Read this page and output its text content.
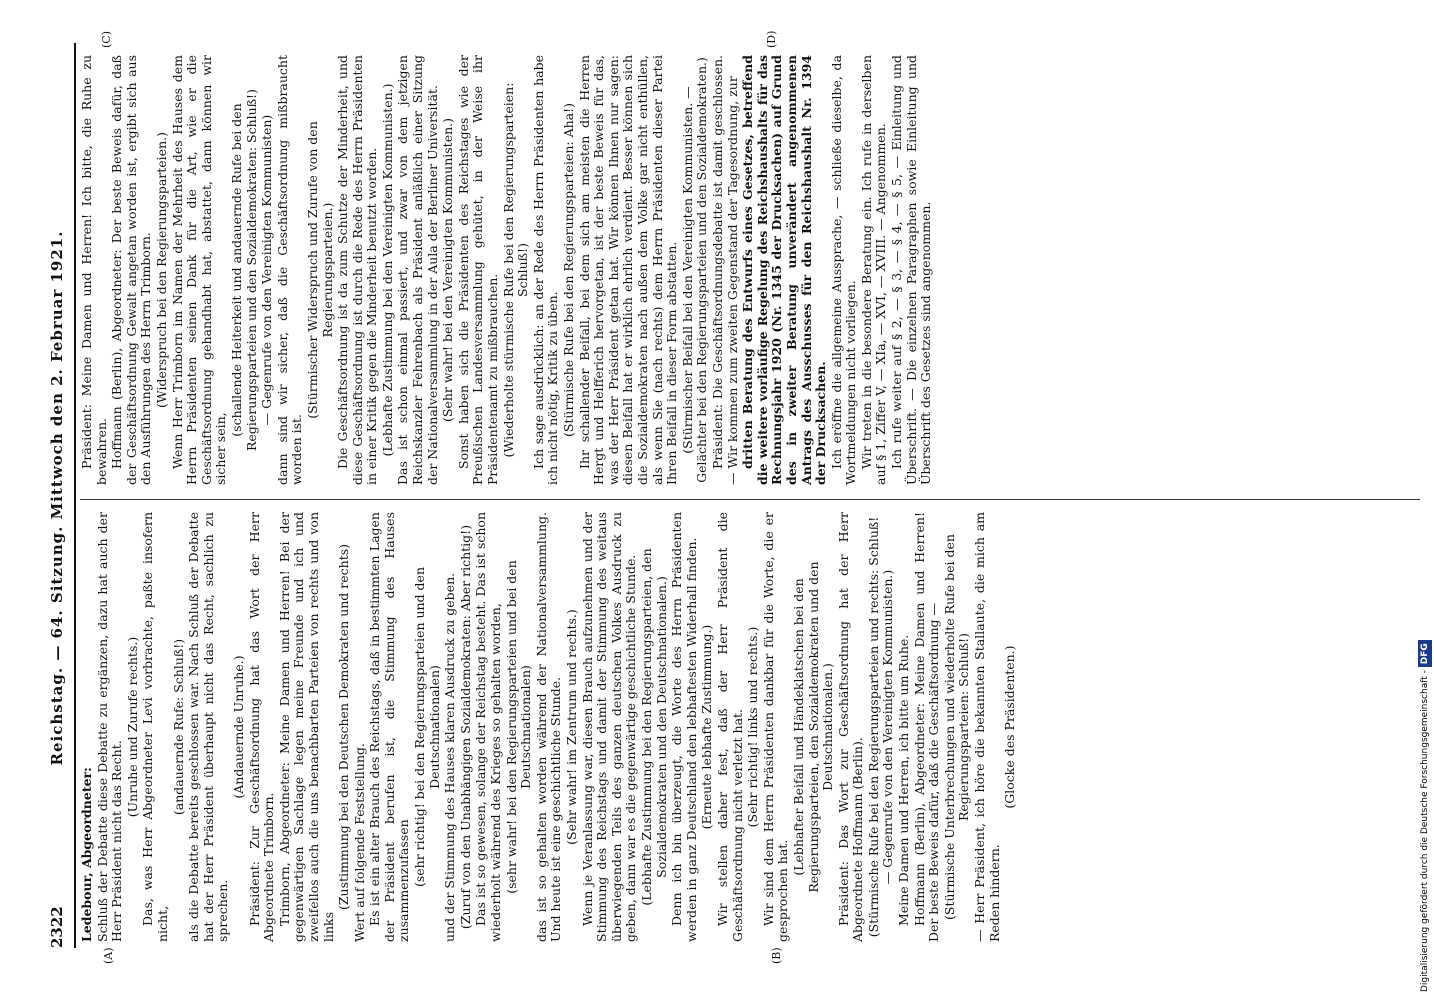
2322
Reichstag. — 64. Sitzung. Mittwoch den 2. Februar 1921.
(A)	(B)
(C)	(D)

Ledebour, Abgeordneter: Schluß der Debatte diese Debatte zu ergänzen, dazu hat auch der Herr Präsident nicht das Recht.

(Unruhe und Zurufe rechts.) Das, was Herr Abgeordneter Levi vorbrachte, paßte insofern nicht,

(andauernde Rufe: Schluß!) als die Debatte bereits geschlossen war. Nach Schluß der Debatte hat der Herr Präsident überhaupt nicht das Recht, sachlich zu sprechen.

(Andauernde Unruhe.) Präsident: Zur Geschäftsordnung hat das Wort der Herr Abgeordnete Trimborn. Trimborn, Abgeordneter: Meine Damen und Herren! Bei der gegenwärtigen Sachlage legen meine Freunde und ich und zweifellos auch die uns benachbarten Parteien von rechts und von links

(Zustimmung bei den Deutschen Demokraten und rechts) Wert auf folgende Feststellung. Es ist ein alter Brauch des Reichstags, daß in bestimmten Lagen der Präsident berufen ist, die Stimmung des Hauses zusammenzufassen (sehr richtig! bei den Regierungsparteien und den Deutschnationalen) und der Stimmung des Hauses klaren Ausdruck zu geben. (Zuruf von den Unabhängigen Sozialdemokraten: Aber richtig!) Das ist so gewesen, solange der Reichstag besteht. Das ist schon wiederholt während des Krieges so gehalten worden, (sehr wahr! bei den Regierungsparteien und bei den Deutschnationalen) das ist so gehalten worden während der Nationalversammlung. Und heute ist eine geschichtliche Stunde. (Sehr wahr! im Zentrum und rechts.) Wenn je Veranlassung war, diesen Brauch aufzunehmen und der Stimmung des Reichstags und damit der Stimmung des weitaus überwiegenden Teils des ganzen deutschen Volkes Ausdruck zu geben, dann war es die gegenwärtige geschichtliche Stunde. (Lebhafte Zustimmung bei den Regierungsparteien, den Sozialdemokraten und den Deutschnationalen.) Denn ich bin überzeugt, die Worte des Herrn Präsidenten werden in ganz Deutschland den lebhaftesten Widerhall finden. (Erneute lebhafte Zustimmung.) Wir stellen daher fest, daß der Herr Präsident die Geschäftsordnung nicht verletzt hat. (Sehr richtig! links und rechts.) Wir sind dem Herrn Präsidenten dankbar für die Worte, die er gesprochen hat.

(Lebhafter Beifall und Händeklatschen bei den Regierungsparteien, den Sozialdemokraten und den Deutschnationalen.) Präsident: Das Wort zur Geschäftsordnung hat der Herr Abgeordnete Hoffmann (Berlin). (Stürmische Rufe bei den Regierungsparteien und rechts: Schluß! — Gegenrufe von den Vereinigten Kommunisten.) Meine Damen und Herren, ich bitte um Ruhe. Hoffmann (Berlin), Abgeordneter: Meine Damen und Herren! Der beste Beweis dafür, daß die Geschäftsordnung — (Stürmische Unterbrechungen und wiederholte Rufe bei den Regierungsparteien: Schluß!) — Herr Präsident, ich höre die bekannten Stallaute, die mich am Reden hindern.

(Glocke des Präsidenten.)

Präsident: Meine Damen und Herren! Ich bitte, die Ruhe zu bewahren. Hoffmann (Berlin), Abgeordneter: Der beste Beweis dafür, daß der Geschäftsordnung Gewalt angetan worden ist, ergibt sich aus den Ausführungen des Herrn Trimborn. (Widerspruch bei den Regierungsparteien.) Wenn Herr Trimborn im Namen der Mehrheit des Hauses dem Herrn Präsidenten seinen Dank für die Art, wie er die Geschäftsordnung gehandhabt hat, abstattet, dann können wir sicher sein,

(schallende Heiterkeit und andauernde Rufe bei den Regierungsparteien und den Sozialdemokraten: Schluß!) — Gegenrufe von den Vereinigten Kommunisten) dann sind wir sicher, daß die Geschäftsordnung mißbraucht worden ist.

(Stürmischer Widerspruch und Zurufe von den Regierungsparteien.) Die Geschäftsordnung ist da zum Schutze der Minderheit, und diese Geschäftsordnung ist durch die Rede des Herrn Präsidenten in einer Kritik gegen die Minderheit benutzt worden. (Lebhafte Zustimmung bei den Vereinigten Kommunisten.) Das ist schon einmal passiert, und zwar von dem jetzigen Reichskanzler Fehrenbach als Präsident anläßlich einer Sitzung der Nationalversammlung in der Aula der Berliner Universität. (Sehr wahr! bei den Vereinigten Kommunisten.) Sonst haben sich die Präsidenten des Reichstages wie der Preußischen Landesversammlung gehütet, in der Weise ihr Präsidentenamt zu mißbrauchen. (Wiederholte stürmische Rufe bei den Regierungsparteien: Schluß!) Ich sage ausdrücklich: an der Rede des Herrn Präsidenten habe ich nicht nötig, Kritik zu üben. (Stürmische Rufe bei den Regierungsparteien: Aha!) Ihr schallender Beifall, bei dem sich am meisten die Herren Hergt und Helfferich hervorgetan, ist der beste Beweis für das, was der Herr Präsident getan hat. Wir können Ihnen nur sagen: diesen Beifall hat er wirklich ehrlich verdient. Besser können sich die Sozialdemokraten nach außen dem Volke gar nicht enthüllen, als wenn Sie (nach rechts) dem Herrn Präsidenten dieser Partei Ihren Beifall in dieser Form abstatten. (Stürmischer Beifall bei den Vereinigten Kommunisten. — Gelächter bei den Regierungsparteien und den Sozialdemokraten.) Präsident: Die Geschäftsordnungsdebatte ist damit geschlossen. — Wir kommen zum zweiten Gegenstand der Tagesordnung, zur dritten Beratung des Entwurfs eines Gesetzes, betreffend die weitere vorläufige Regelung des Reichshaushalts für das Rechnungsjahr 1920 (Nr. 1345 der Drucksachen) auf Grund des in zweiter Beratung unverändert angenommenen Antrags des Ausschusses für den Reichshaushalt Nr. 1394 der Drucksachen. Ich eröffne die allgemeine Aussprache, — schließe dieselbe, da Wortmeldungen nicht vorliegen. Wir treten in die besondere Beratung ein. Ich rufe in derselben auf § 1, Ziffer V, — XIa, — XVI, — XVIII. — Angenommen. Ich rufe weiter auf § 2, — § 3, — § 4, — § 5, — Einleitung und Überschrift. — Die einzelnen Paragraphen sowie Einleitung und Überschrift des Gesetzes sind angenommen.

Digitalisierung gefördert durch die Deutsche Forschungsgemeinschaft - DFG
